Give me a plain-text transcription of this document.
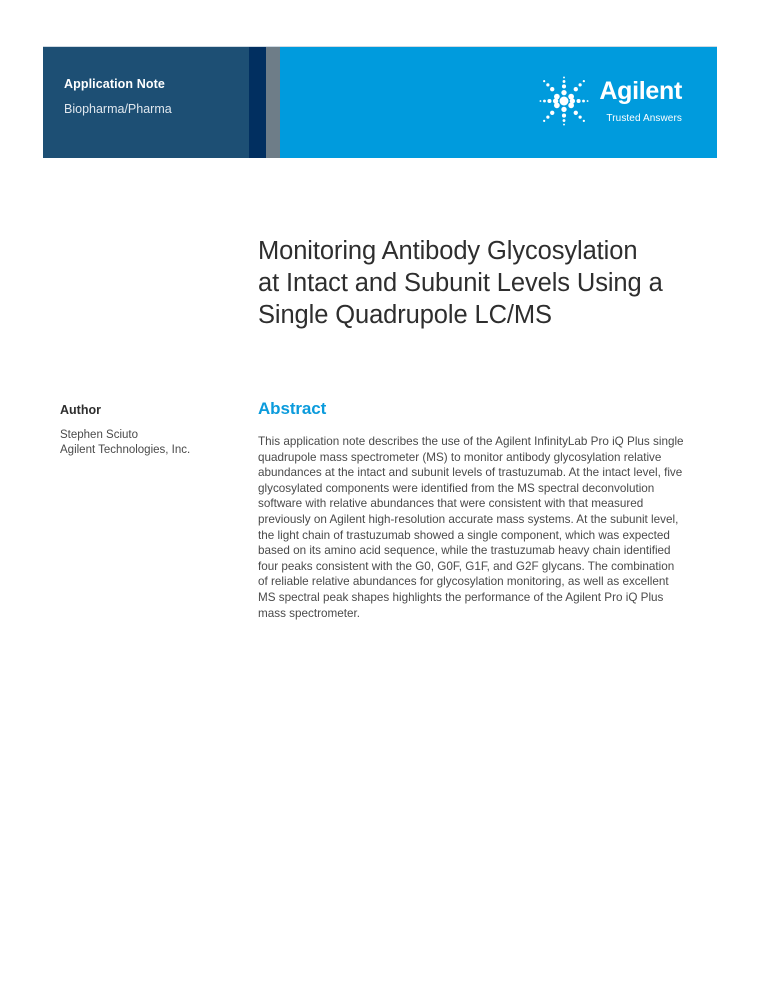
Application Note
Biopharma/Pharma
Agilent
Trusted Answers
Monitoring Antibody Glycosylation
at Intact and Subunit Levels Using a
Single Quadrupole LC/MS
Author
Stephen Sciuto
Agilent Technologies, Inc.
Abstract

This application note describes the use of the Agilent InfinityLab Pro iQ Plus single quadrupole mass spectrometer (MS) to monitor antibody glycosylation relative abundances at the intact and subunit levels of trastuzumab. At the intact level, five glycosylated components were identified from the MS spectral deconvolution software with relative abundances that were consistent with that measured previously on Agilent high-resolution accurate mass systems. At the subunit level, the light chain of trastuzumab showed a single component, which was expected based on its amino acid sequence, while the trastuzumab heavy chain identified four peaks consistent with the G0, G0F, G1F, and G2F glycans. The combination of reliable relative abundances for glycosylation monitoring, as well as excellent MS spectral peak shapes highlights the performance of the Agilent Pro iQ Plus mass spectrometer.
